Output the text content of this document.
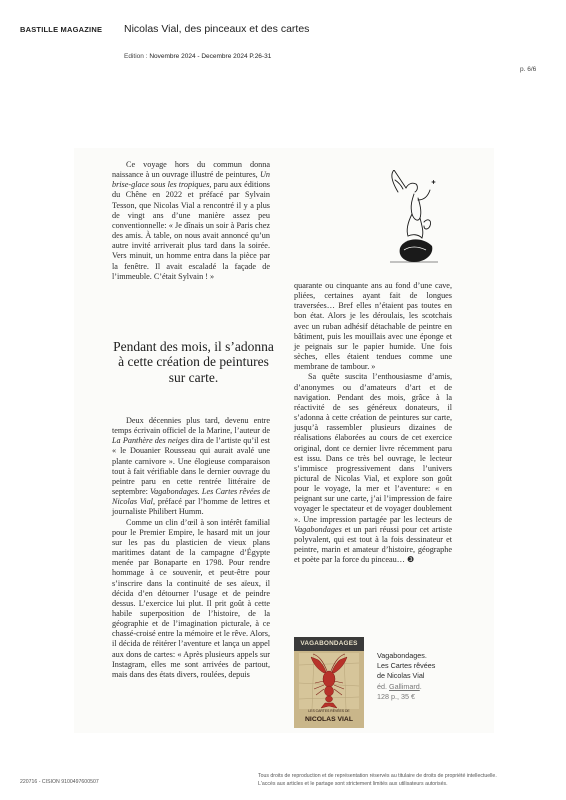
BASTILLE MAGAZINE Nicolas Vial, des pinceaux et des cartes
Edition : Novembre 2024 - Decembre 2024 P.26-31
p. 6/6

Ce voyage hors du commun donna naissance à un ouvrage illustré de peintures, Un brise-glace sous les tropiques, paru aux éditions du Chêne en 2022 et préfacé par Sylvain Tesson, que Nicolas Vial a rencontré il y a plus de vingt ans d’une manière assez peu conventionnelle: « Je dînais un soir à Paris chez des amis. À table, on nous avait annoncé qu’un autre invité arriverait plus tard dans la soirée. Vers minuit, un homme entra dans la pièce par la fenêtre. Il avait escaladé la façade de l’immeuble. C’était Sylvain ! »

Pendant des mois, il s’adonna à cette création de peintures sur carte.

Deux décennies plus tard, devenu entre temps écrivain officiel de la Marine, l’auteur de La Panthère des neiges dira de l’artiste qu’il est « le Douanier Rousseau qui aurait avalé une plante carnivore ». Une élogieuse comparaison tout à fait vérifiable dans le dernier ouvrage du peintre paru en cette rentrée littéraire de septembre: Vagabondages. Les Cartes rêvées de Nicolas Vial, préfacé par l’homme de lettres et journaliste Philibert Humm.

Comme un clin d’œil à son intérêt familial pour le Premier Empire, le hasard mit un jour sur les pas du plasticien de vieux plans maritimes datant de la campagne d’Égypte menée par Bonaparte en 1798. Pour rendre hommage à ce souvenir, et peut-être pour s’inscrire dans la continuité de ses aïeux, il décida d’en détourner l’usage et de peindre dessus. L’exercice lui plut. Il prit goût à cette habile superposition de l’histoire, de la géographie et de l’imagination picturale, à ce chassé-croisé entre la mémoire et le rêve. Alors, il décida de réitérer l’aventure et lança un appel aux dons de cartes: « Après plusieurs appels sur Instagram, elles me sont arrivées de partout, mais dans des états divers, roulées, depuis

quarante ou cinquante ans au fond d’une cave, pliées, certaines ayant fait de longues traversées… Bref elles n’étaient pas toutes en bon état. Alors je les déroulais, les scotchais avec un ruban adhésif détachable de peintre en bâtiment, puis les mouillais avec une éponge et je peignais sur le papier humide. Une fois sèches, elles étaient tendues comme une membrane de tambour. »

Sa quête suscita l’enthousiasme d’amis, d’anonymes ou d’amateurs d’art et de navigation. Pendant des mois, grâce à la réactivité de ses généreux donateurs, il s’adonna à cette création de peintures sur carte, jusqu’à rassembler plusieurs dizaines de réalisations élaborées au cours de cet exercice original, dont ce dernier livre récemment paru est issu. Dans ce très bel ouvrage, le lecteur s’immisce progressivement dans l’univers pictural de Nicolas Vial, et explore son goût pour le voyage, la mer et l’aventure: « en peignant sur une carte, j’ai l’impression de faire voyager le spectateur et de voyager doublement ». Une impression partagée par les lecteurs de Vagabondages et un pari réussi pour cet artiste polyvalent, qui est tout à la fois dessinateur et peintre, marin et amateur d’histoire, géographe et poète par la force du pinceau… ❸

VAGABONDAGES
LES CARTES RÊVÉES DE
NICOLAS VIAL
Vagabondages.
Les Cartes rêvées
de Nicolas Vial
éd. Gallimard.
128 p., 35 €
220716 - CISION 9100497600507
Tous droits de reproduction et de représentation réservés au titulaire de droits de propriété intellectuelle.
L'accès aux articles et le partage sont strictement limités aux utilisateurs autorisés.
